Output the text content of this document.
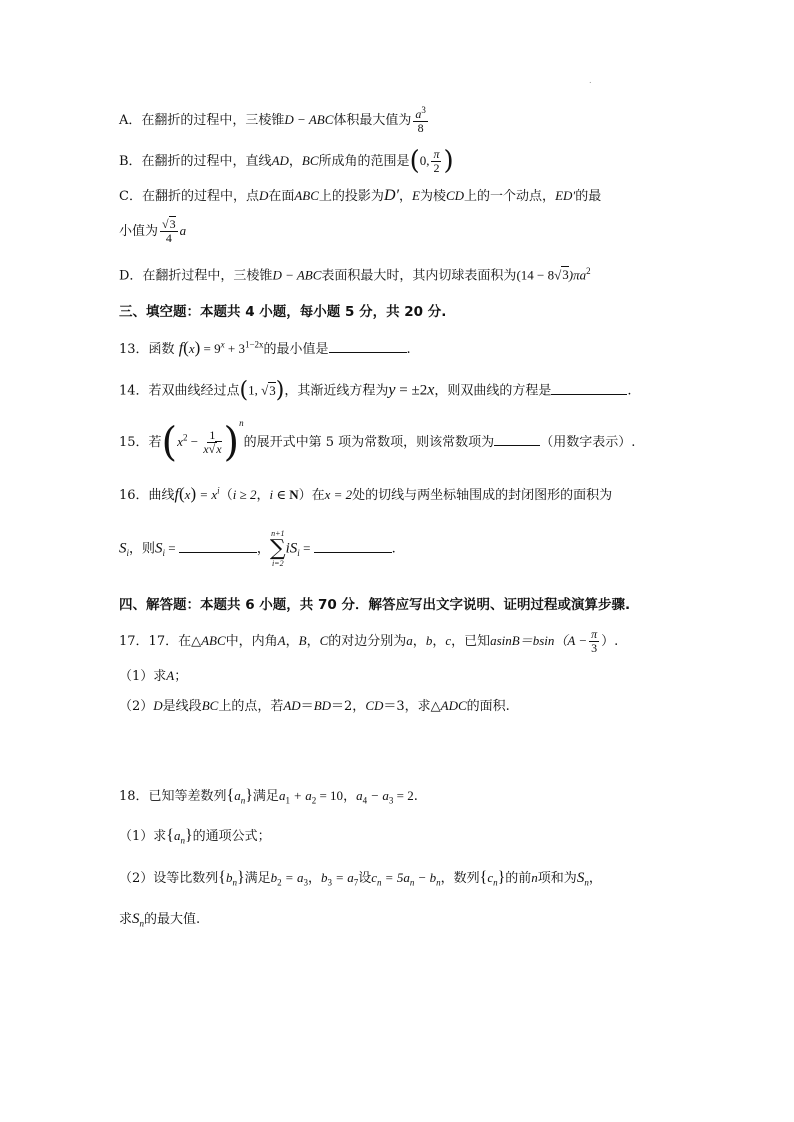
.
A．在翻折的过程中，三棱锥D − ABC体积最大值为 $\frac{a^3}{8}$
B．在翻折的过程中，直线AD，BC所成角的范围是(0, $\frac{\pi}{2}$ )
C．在翻折的过程中，点D在面ABC上的投影为D′，E为棱CD上的一个动点，ED′的最
小值为 $\frac{√3}{4}$ a
D．在翻折过程中，三棱锥D − ABC表面积最大时，其内切球表面积为$(14 - 8√3)\pi a^2$
三、填空题：本题共 4 小题，每小题 5 分，共 20 分.
13．函数 $f(x) = 9^x + 3^{1-2x}$的最小值是	.
14．若双曲线经过点(1, √3)，其渐近线方程为y = ±2x，则双曲线的方程是	.
15．若$(x^2 - \frac{1}{x√x} )^n$的展开式中第 5 项为常数项，则该常数项为	（用数字表示）.
16．曲线$f(x) = x^i(i \ge 2$，i ∈ N）在x = 2处的切线与两坐标轴围成的封闭图形的面积为
$S_i$，则$S_i$ =	，
n+1
∑
i=2
$iS_i$ =	.
四、解答题：本题共 6 小题，共 70 分．解答应写出文字说明、证明过程或演算步骤.
17．17．在△ABC中，内角A，B，C的对边分别为a，b，c，已知$asinB=bsin(A - \frac{\pi}{3}$ ）.
（1）求A；
（2）D是线段BC上的点，若AD＝BD＝2，CD＝3，求△ADC的面积.
18．已知等差数列$\{a_n\}$满足$a_1 + a_2 = 10$，$a_4 - a_3 = 2$.
（1）求$\{a_n\}$的通项公式；
（2）设等比数列$\{b_n\}$满足$b_2 = a_3$，$b_3 = a_7$设$c_n = 5a_n - b_n$，数列$\{c_n\}$的前n项和为$S_n$，
求$S_n$的最大值.
